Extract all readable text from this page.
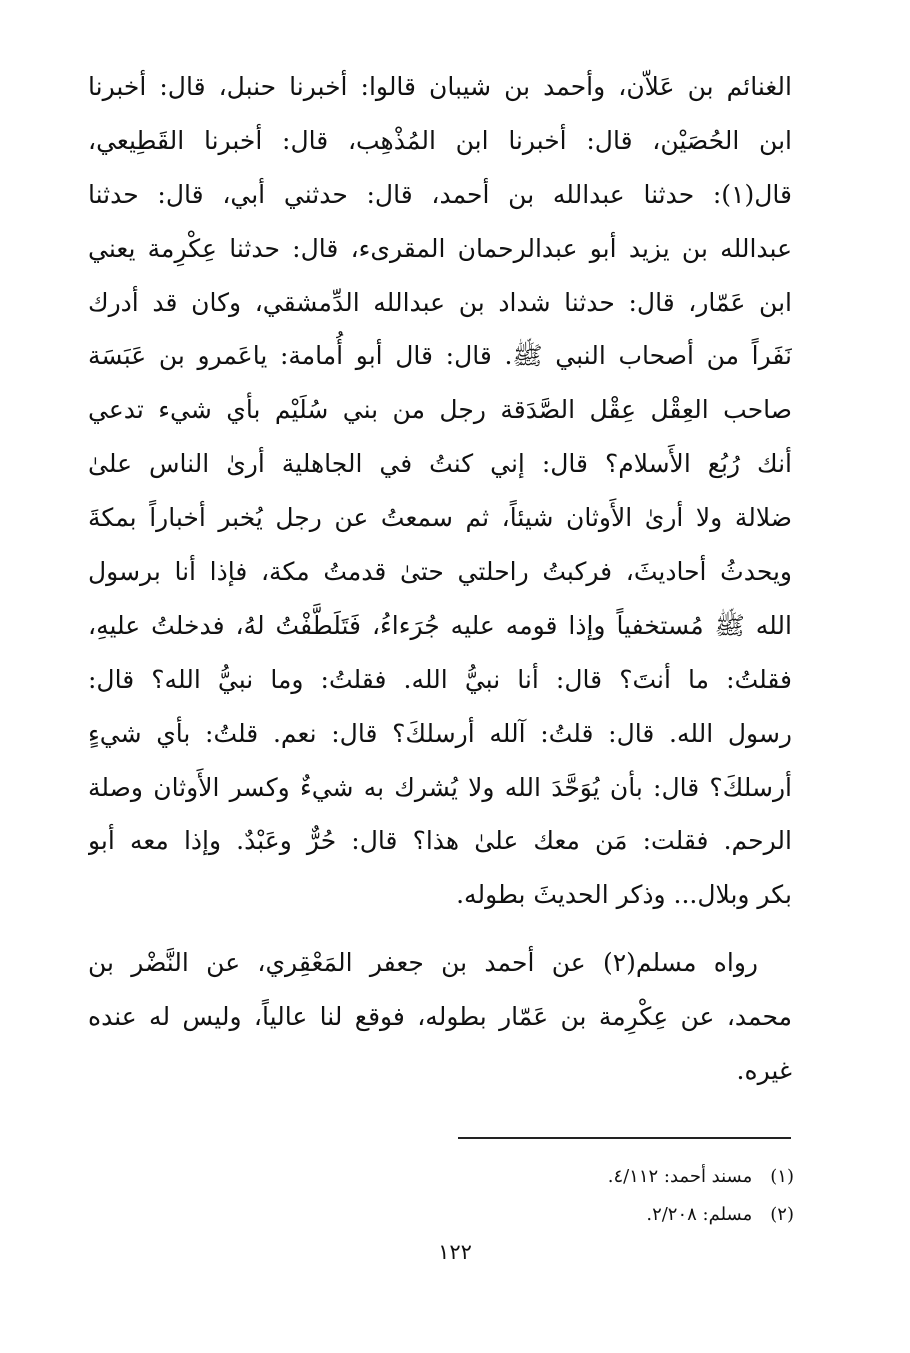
الغنائم بن عَلاّن، وأحمد بن شيبان قالوا: أخبرنا حنبل، قال: أخبرنا
ابن الحُصَيْن، قال: أخبرنا ابن المُذْهِب، قال: أخبرنا القَطِيعي،
قال(١): حدثنا عبدالله بن أحمد، قال: حدثني أبي، قال: حدثنا
عبدالله بن يزيد أبو عبدالرحمان المقرىء، قال: حدثنا عِكْرِمة يعني
ابن عَمّار، قال: حدثنا شداد بن عبدالله الدِّمشقي، وكان قد أدرك
نَفَراً من أصحاب النبي ﷺ. قال: قال أبو أُمامة: ياعَمرو بن عَبَسَة
صاحب العِقْل عِقْل الصَّدَقة رجل من بني سُلَيْم بأي شيء تدعي
أنك رُبُع الأَسلام؟ قال: إني كنتُ في الجاهلية أرىٰ الناس علىٰ
ضلالة ولا أرىٰ الأَوثان شيئاً، ثم سمعتُ عن رجل يُخبر أخباراً بمكةَ
ويحدثُ أحاديثَ، فركبتُ راحلتي حتىٰ قدمتُ مكة، فإذا أنا برسول
الله ﷺ مُستخفياً وإذا قومه عليه جُرَءاءُ، فَتَلَطَّفْتُ لهُ، فدخلتُ عليهِ،
فقلتُ: ما أنتَ؟ قال: أنا نبيُّ الله. فقلتُ: وما نبيُّ الله؟ قال:
رسول الله. قال: قلتُ: آلله أرسلكَ؟ قال: نعم. قلتُ: بأي شيءٍ
أرسلكَ؟ قال: بأن يُوَحَّدَ الله ولا يُشرك به شيءٌ وكسر الأَوثان وصلة
الرحم. فقلت: مَن معك علىٰ هذا؟ قال: حُرٌّ وعَبْدٌ. وإذا معه أبو
بكر وبلال... وذكر الحديثَ بطوله.
رواه مسلم(٢) عن أحمد بن جعفر المَعْقِري، عن النَّضْر بن
محمد، عن عِكْرِمة بن عَمّار بطوله، فوقع لنا عالياً، وليس له عنده
غيره.
(١)مسند أحمد: ٤/١١٢.
(٢)مسلم: ٢/٢٠٨.
١٢٢
